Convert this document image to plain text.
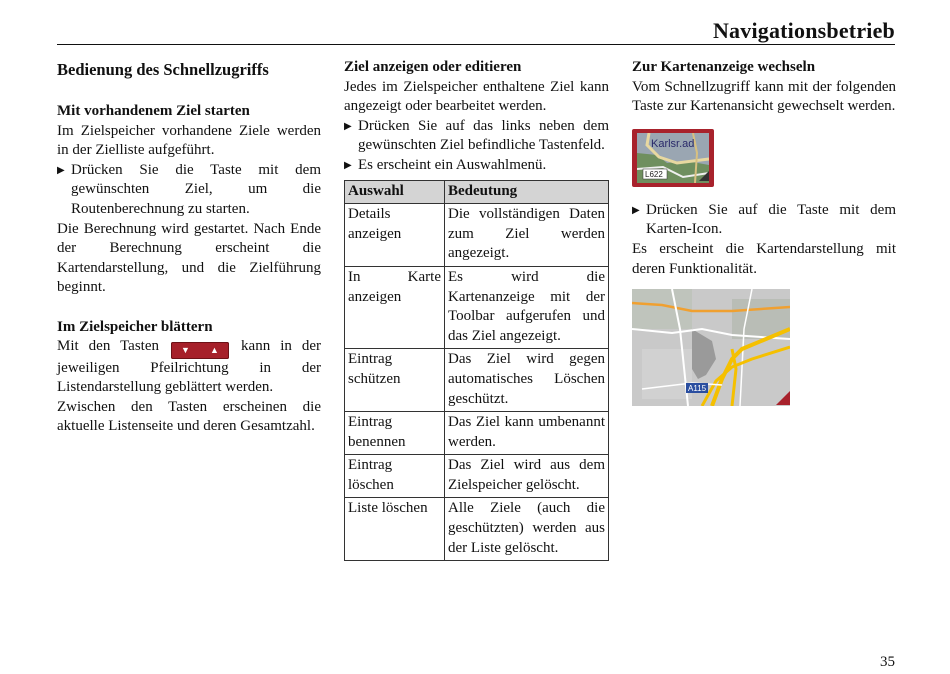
Navigationsbetrieb
Bedienung des Schnellzugriffs
Mit vorhandenem Ziel starten

Im Zielspeicher vorhandene Ziele werden in der Zielliste aufgeführt.

▶ Drücken Sie die Taste mit dem gewünschten Ziel, um die Routenberechnung zu starten.

Die Berechnung wird gestartet. Nach Ende der Berechnung erscheint die Kartendarstellung, und die Zielführung beginnt.

Im Zielspeicher blättern

Mit den Tasten ▼ ▲ kann in der jeweiligen Pfeilrichtung in der Listendarstellung geblättert werden.

Zwischen den Tasten erscheinen die aktuelle Listenseite und deren Gesamtzahl.

Ziel anzeigen oder editieren

Jedes im Zielspeicher enthaltene Ziel kann angezeigt oder bearbeitet werden.

▶ Drücken Sie auf das links neben dem gewünschten Ziel befindliche Tastenfeld.

▶ Es erscheint ein Auswahlmenü.

Auswahl	Bedeutung
Details anzeigen	Die vollständigen Daten zum Ziel werden angezeigt.
In Karte anzeigen	Es wird die Kartenanzeige mit der Toolbar aufgerufen und das Ziel angezeigt.
Eintrag schützen	Das Ziel wird gegen automatisches Löschen geschützt.
Eintrag benennen	Das Ziel kann umbenannt werden.
Eintrag löschen	Das Ziel wird aus dem Zielspeicher gelöscht.
Liste löschen	Alle Ziele (auch die geschützten) werden aus der Liste gelöscht.
Zur Kartenanzeige wechseln

Vom Schnellzugriff kann mit der folgenden Taste zur Kartenansicht gewechselt werden.

Karlsr.ad
L622
▶ Drücken Sie auf die Taste mit dem Karten-Icon.

Es erscheint die Kartendarstellung mit deren Funktionalität.

A115
35
